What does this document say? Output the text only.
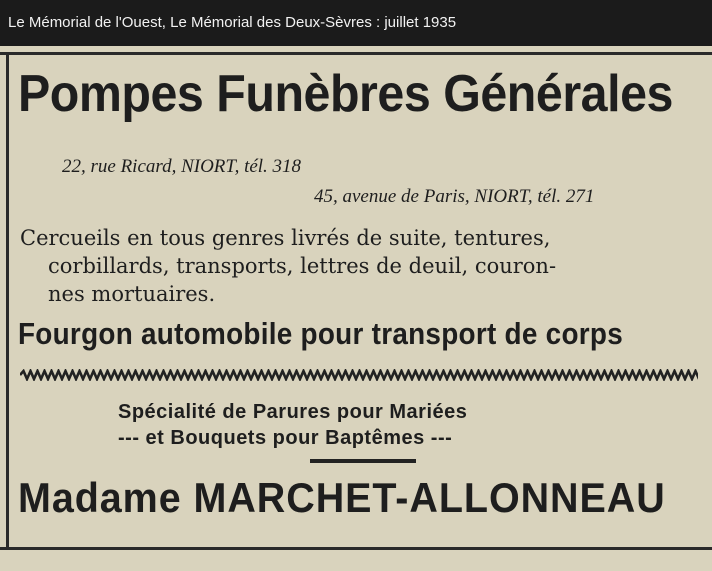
Le Mémorial de l'Ouest, Le Mémorial des Deux-Sèvres : juillet 1935
Pompes Funèbres Générales
22, rue Ricard, NIORT, tél. 318
45, avenue de Paris, NIORT, tél. 271
Cercueils en tous genres livrés de suite, tentures,
corbillards, transports, lettres de deuil, couron-
nes mortuaires.
Fourgon automobile pour transport de corps
Spécialité de Parures pour Mariées
--- et Bouquets pour Baptêmes ---
Madame MARCHET-ALLONNEAU
